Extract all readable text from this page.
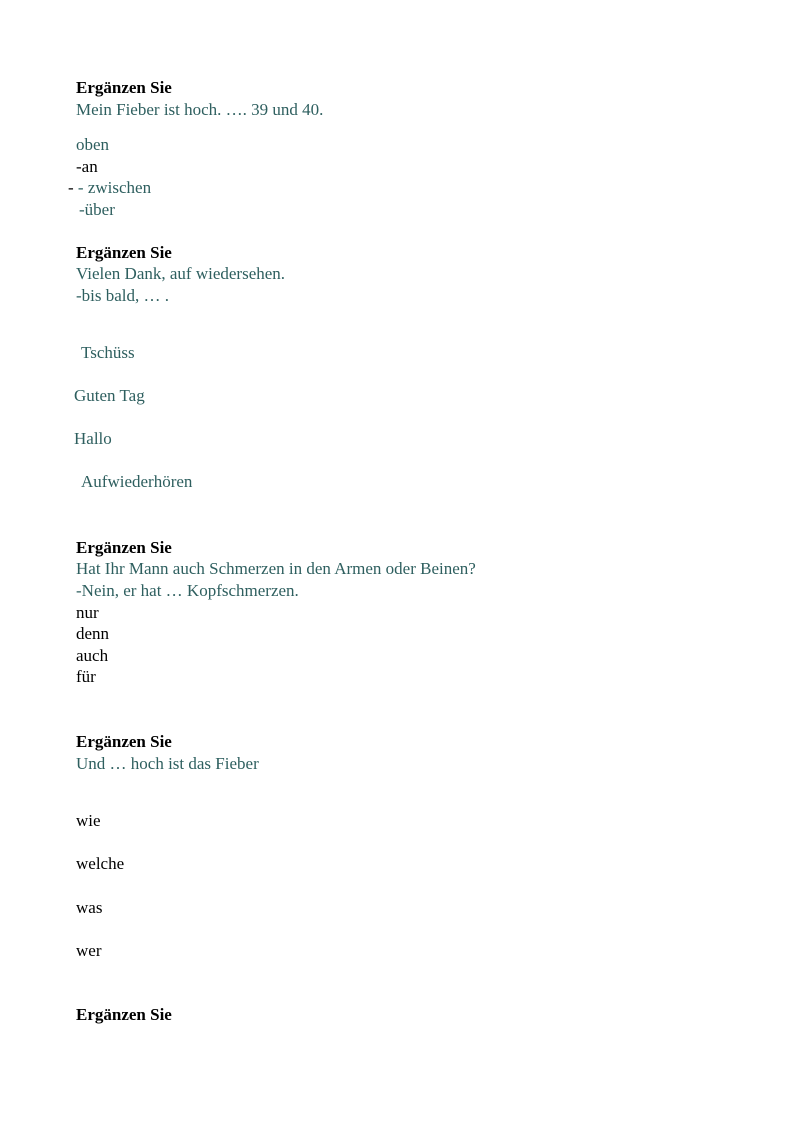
Ergänzen Sie
Mein Fieber ist hoch. …. 39 und 40.
oben
-an
- - zwischen
-über
Ergänzen Sie
Vielen Dank, auf wiedersehen.
-bis bald, … .
Tschüss
Guten Tag
Hallo
Aufwiederhören
Ergänzen Sie
Hat Ihr Mann auch Schmerzen in den Armen oder Beinen?
-Nein, er hat … Kopfschmerzen.
nur
denn
auch
für
Ergänzen Sie
Und … hoch ist das Fieber
wie
welche
was
wer
Ergänzen Sie
